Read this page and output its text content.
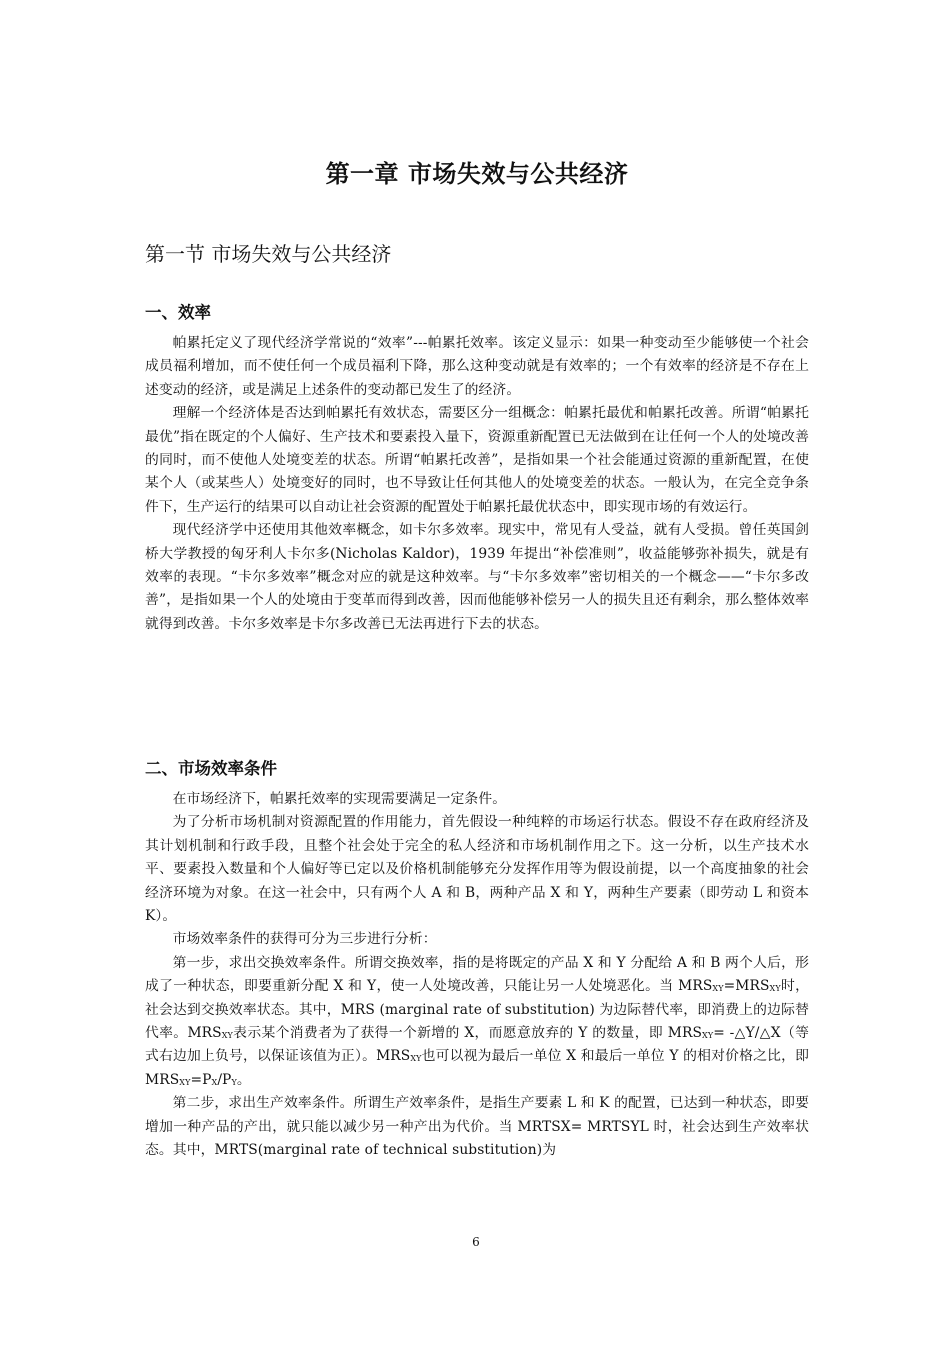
第一章 市场失效与公共经济
第一节 市场失效与公共经济
一、效率

帕累托定义了现代经济学常说的“效率”---帕累托效率。该定义显示：如果一种变动至少能够使一个社会成员福利增加，而不使任何一个成员福利下降，那么这种变动就是有效率的；一个有效率的经济是不存在上述变动的经济，或是满足上述条件的变动都已发生了的经济。

理解一个经济体是否达到帕累托有效状态，需要区分一组概念：帕累托最优和帕累托改善。所谓“帕累托最优”指在既定的个人偏好、生产技术和要素投入量下，资源重新配置已无法做到在让任何一个人的处境改善的同时，而不使他人处境变差的状态。所谓“帕累托改善”，是指如果一个社会能通过资源的重新配置，在使某个人（或某些人）处境变好的同时，也不导致让任何其他人的处境变差的状态。一般认为，在完全竞争条件下，生产运行的结果可以自动让社会资源的配置处于帕累托最优状态中，即实现市场的有效运行。

现代经济学中还使用其他效率概念，如卡尔多效率。现实中，常见有人受益，就有人受损。曾任英国剑桥大学教授的匈牙利人卡尔多(Nicholas Kaldor)，1939 年提出“补偿准则”，收益能够弥补损失，就是有效率的表现。“卡尔多效率”概念对应的就是这种效率。与“卡尔多效率”密切相关的一个概念——“卡尔多改善”，是指如果一个人的处境由于变革而得到改善，因而他能够补偿另一人的损失且还有剩余，那么整体效率就得到改善。卡尔多效率是卡尔多改善已无法再进行下去的状态。

二、市场效率条件

在市场经济下，帕累托效率的实现需要满足一定条件。

为了分析市场机制对资源配置的作用能力，首先假设一种纯粹的市场运行状态。假设不存在政府经济及其计划机制和行政手段，且整个社会处于完全的私人经济和市场机制作用之下。这一分析，以生产技术水平、要素投入数量和个人偏好等已定以及价格机制能够充分发挥作用等为假设前提，以一个高度抽象的社会经济环境为对象。在这一社会中，只有两个人 A 和 B，两种产品 X 和 Y，两种生产要素（即劳动 L 和资本 K）。

市场效率条件的获得可分为三步进行分析：

第一步，求出交换效率条件。所谓交换效率，指的是将既定的产品 X 和 Y 分配给 A 和 B 两个人后，形成了一种状态，即要重新分配 X 和 Y，使一人处境改善，只能让另一人处境恶化。当 $MRS_{XY}=MRS_{XY}$时，社会达到交换效率状态。其中，MRS (marginal rate of substitution) 为边际替代率，即消费上的边际替代率。$MRS_{XY}$表示某个消费者为了获得一个新增的 X，而愿意放弃的 Y 的数量，即 $MRS_{XY}=$ -△Y/△X（等式右边加上负号，以保证该值为正）。$MRS_{XY}$也可以视为最后一单位 X 和最后一单位 Y 的相对价格之比，即 $MRS_{XY}=P_X/P_Y$。

第二步，求出生产效率条件。所谓生产效率条件，是指生产要素 L 和 K 的配置，已达到一种状态，即要增加一种产品的产出，就只能以减少另一种产出为代价。当 MRTSX= MRTSYL 时，社会达到生产效率状态。其中，MRTS(marginal rate of technical substitution)为

6
